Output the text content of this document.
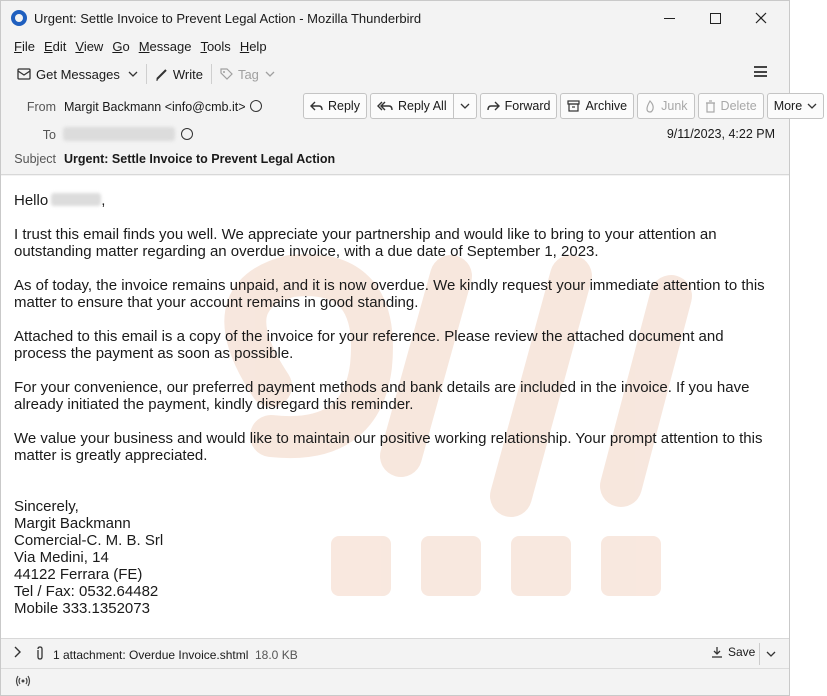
Urgent: Settle Invoice to Prevent Legal Action - Mozilla Thunderbird
File Edit View Go Message Tools Help
Get Messages	Write	Tag
From Margit Backmann <info@cmb.it>	Reply	Reply All	Forward	Archive	Junk	Delete More
To	9/11/2023, 4:22 PM
Subject Urgent: Settle Invoice to Prevent Legal Action

Hello	,

I trust this email finds you well. We appreciate your partnership and would like to bring to your attention an outstanding matter regarding an overdue invoice, with a due date of September 1, 2023.

As of today, the invoice remains unpaid, and it is now overdue. We kindly request your immediate attention to this matter to ensure that your account remains in good standing.

Attached to this email is a copy of the invoice for your reference. Please review the attached document and process the payment as soon as possible.

For your convenience, our preferred payment methods and bank details are included in the invoice. If you have already initiated the payment, kindly disregard this reminder.

We value your business and would like to maintain our positive working relationship. Your prompt attention to this matter is greatly appreciated.

Sincerely,

Margit Backmann

Comercial-C. M. B. Srl

Via Medini, 14

44122 Ferrara (FE)

Tel / Fax: 0532.64482

Mobile 333.1352073

1 attachment: Overdue Invoice.shtml 18.0 KB	Save
